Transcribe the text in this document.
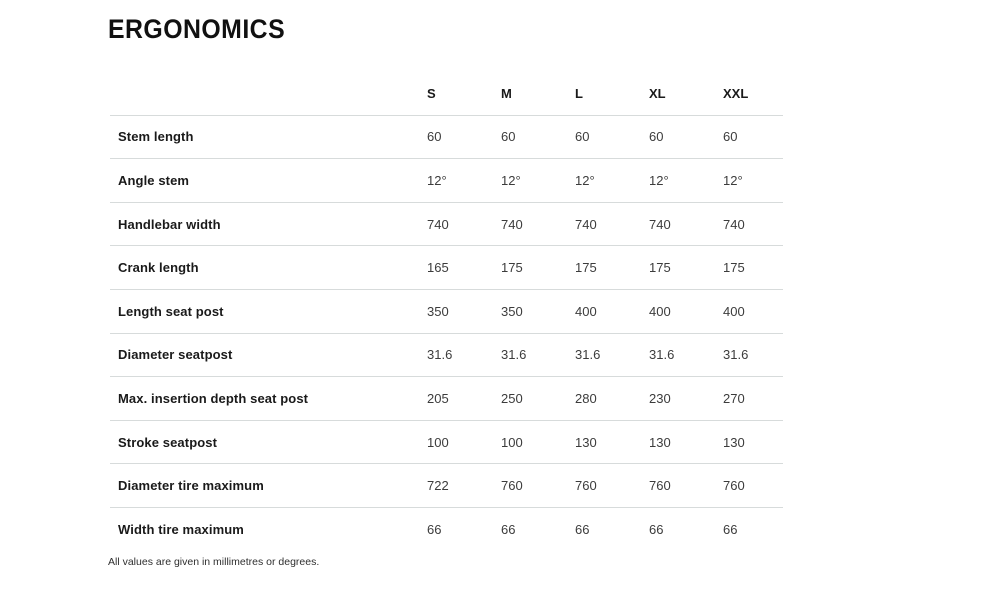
ERGONOMICS
S	M	L	XL	XXL
Stem length	60	60	60	60	60
Angle stem	12°	12°	12°	12°	12°
Handlebar width	740	740	740	740	740
Crank length	165	175	175	175	175
Length seat post	350	350	400	400	400
Diameter seatpost	31.6	31.6	31.6	31.6	31.6
Max. insertion depth seat post	205	250	280	230	270
Stroke seatpost	100	100	130	130	130
Diameter tire maximum	722	760	760	760	760
Width tire maximum	66	66	66	66	66
All values are given in millimetres or degrees.
